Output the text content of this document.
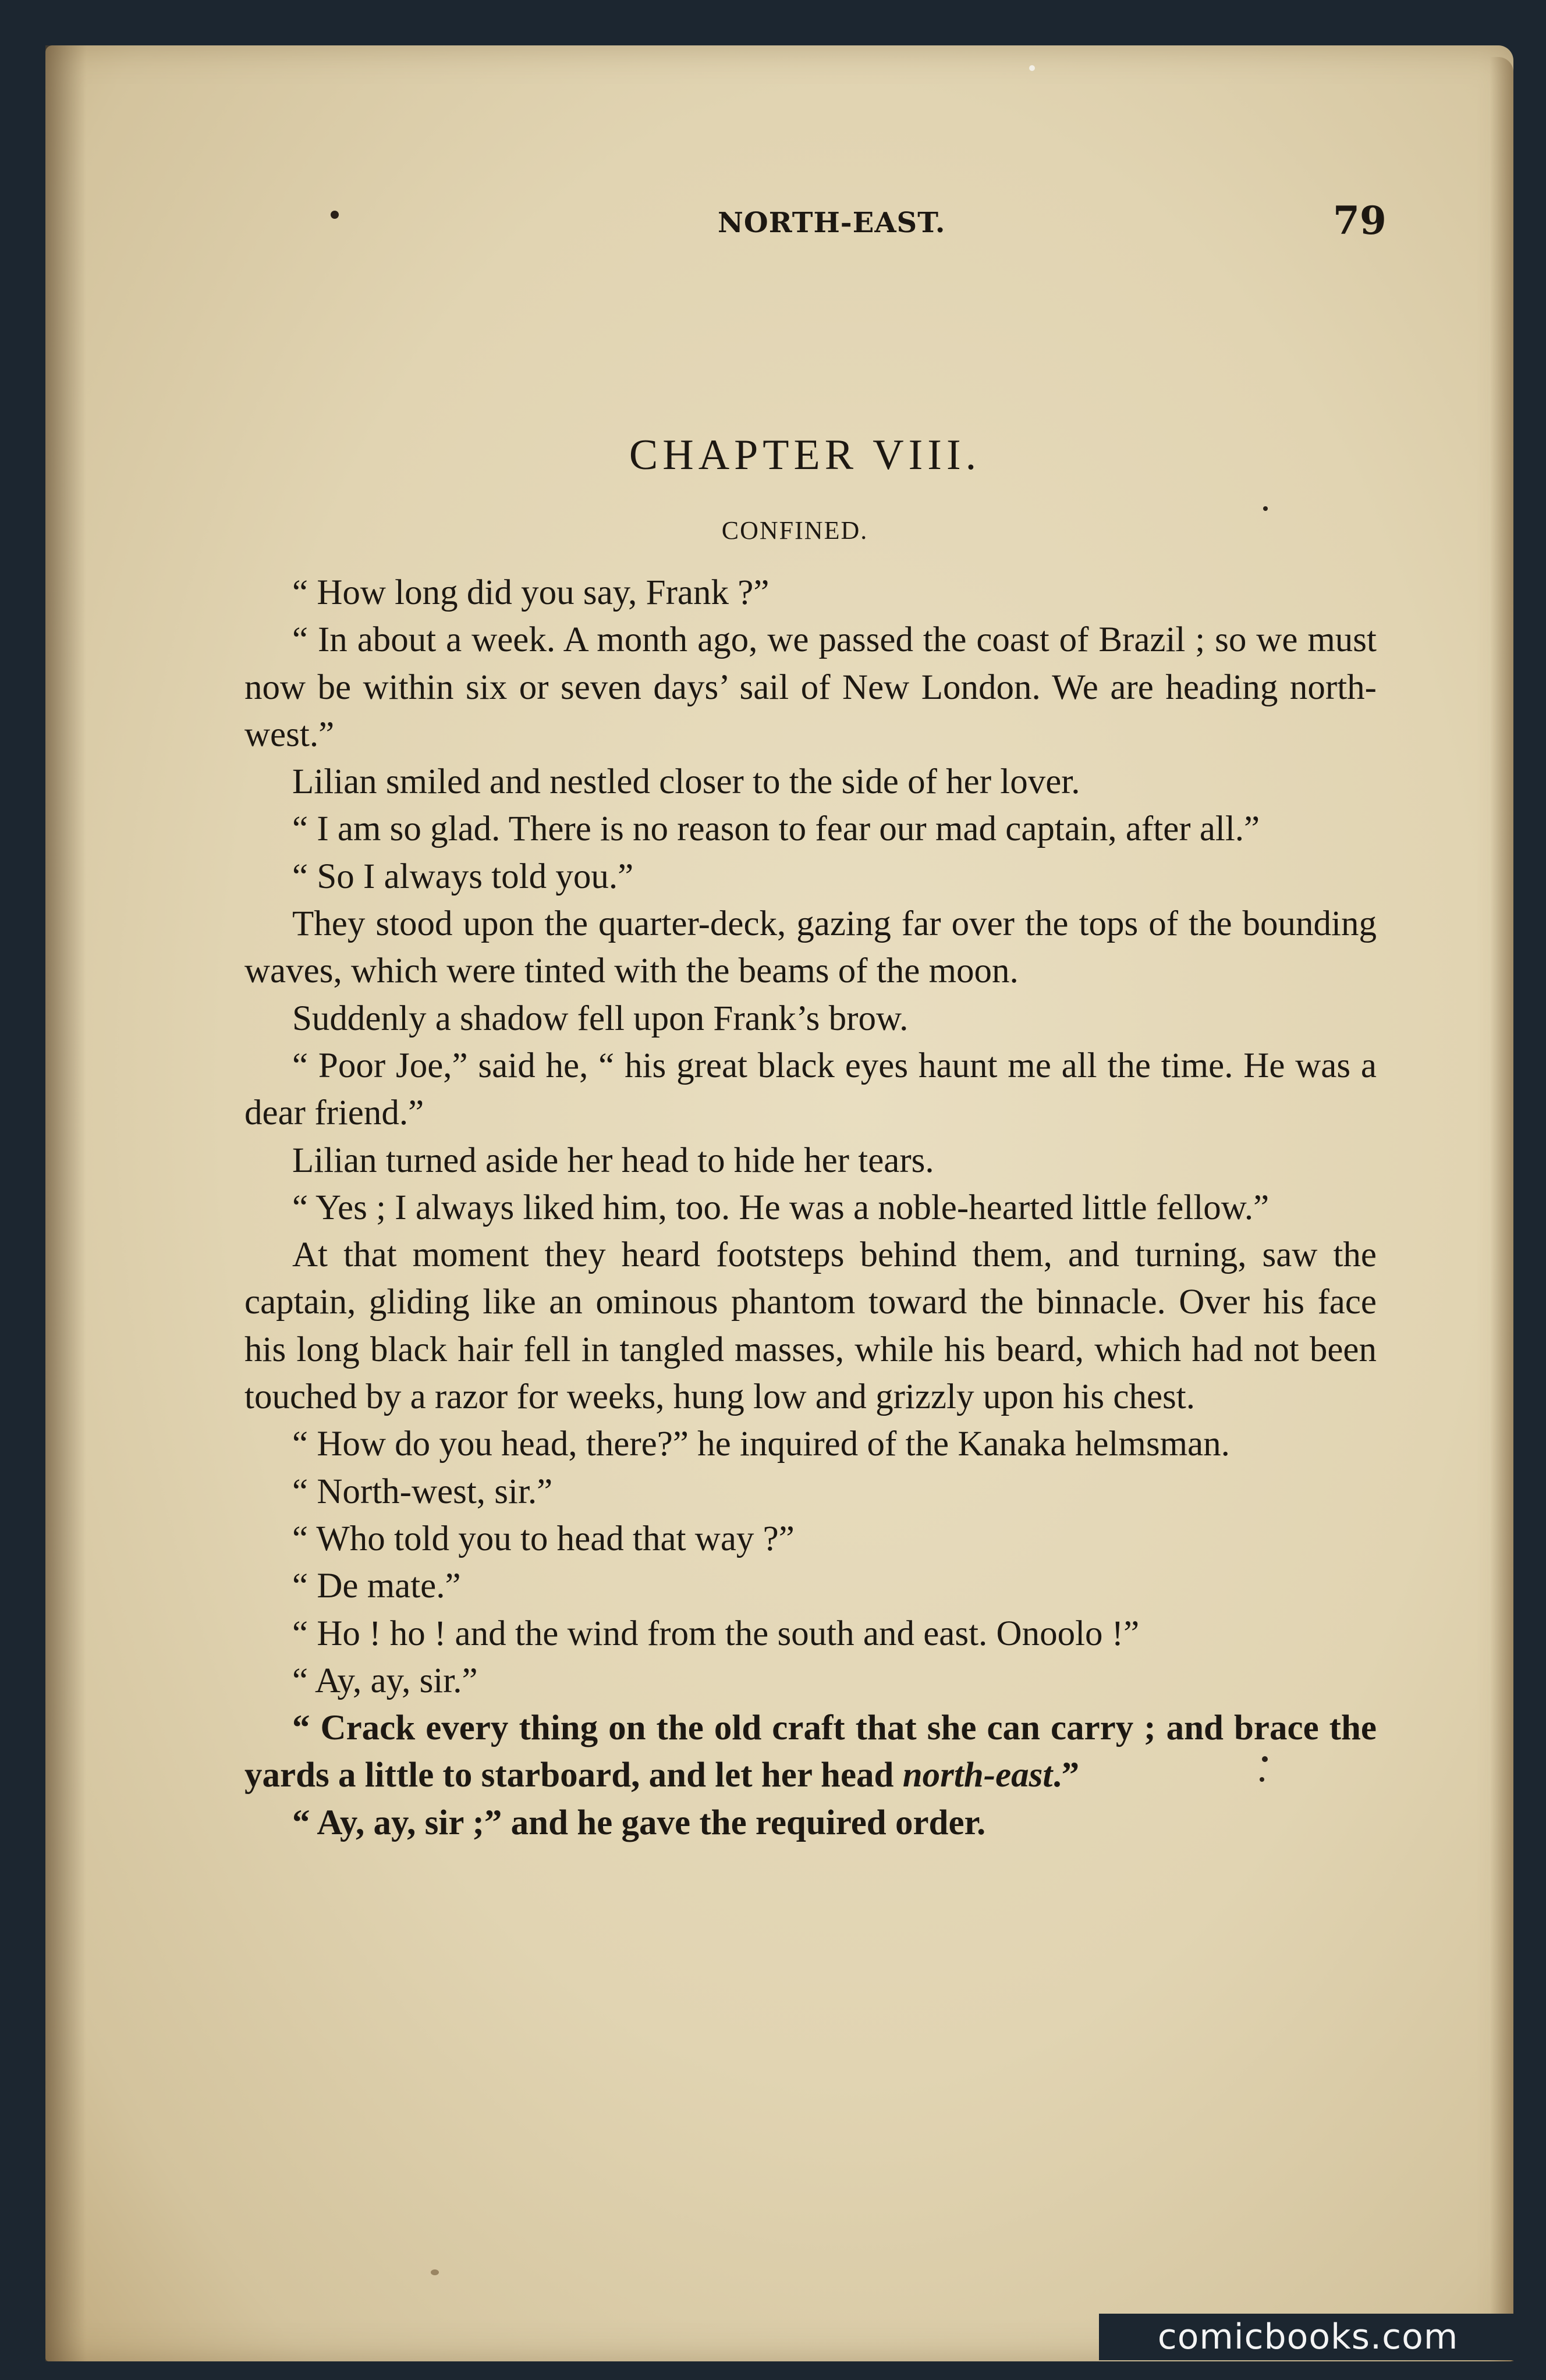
NORTH-EAST.	79
CHAPTER VIII.
CONFINED.

“ How long did you say, Frank ?”

“ In about a week. A month ago, we passed the coast of Brazil ; so we must now be within six or seven days’ sail of New London. We are heading north-west.”

Lilian smiled and nestled closer to the side of her lover.

“ I am so glad. There is no reason to fear our mad captain, after all.”

“ So I always told you.”

They stood upon the quarter-deck, gazing far over the tops of the bounding waves, which were tinted with the beams of the moon.

Suddenly a shadow fell upon Frank’s brow.

“ Poor Joe,” said he, “ his great black eyes haunt me all the time. He was a dear friend.”

Lilian turned aside her head to hide her tears.

“ Yes ; I always liked him, too. He was a noble-hearted little fellow.”

At that moment they heard footsteps behind them, and turning, saw the captain, gliding like an ominous phantom toward the binnacle. Over his face his long black hair fell in tangled masses, while his beard, which had not been touched by a razor for weeks, hung low and grizzly upon his chest.

“ How do you head, there?” he inquired of the Kanaka helmsman.

“ North-west, sir.”

“ Who told you to head that way ?”

“ De mate.”

“ Ho ! ho ! and the wind from the south and east. Onoolo !”

“ Ay, ay, sir.”

“ Crack every thing on the old craft that she can carry ; and brace the yards a little to starboard, and let her head north-east.”

“ Ay, ay, sir ;” and he gave the required order.

comicbooks.com
